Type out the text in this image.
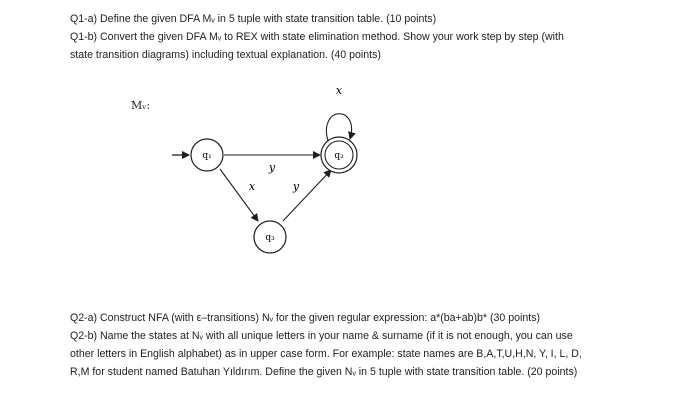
Q1-a) Define the given DFA Mᵥ in 5 tuple with state transition table. (10 points)

Q1-b) Convert the given DFA Mᵥ to REX with state elimination method. Show your work step by step (with

state transition diagrams) including textual explanation. (40 points)

Mᵥ:
q₁	q₂
q₃
y
x	y
x

Q2-a) Construct NFA (with ε–transitions) Nᵥ for the given regular expression: a*(ba+ab)b* (30 points)

Q2-b) Name the states at Nᵥ with all unique letters in your name & surname (if it is not enough, you can use

other letters in English alphabet) as in upper case form. For example: state names are B,A,T,U,H,N, Y, I, L, D,

R,M for student named Batuhan Yıldırım. Define the given Nᵥ in 5 tuple with state transition table. (20 points)
